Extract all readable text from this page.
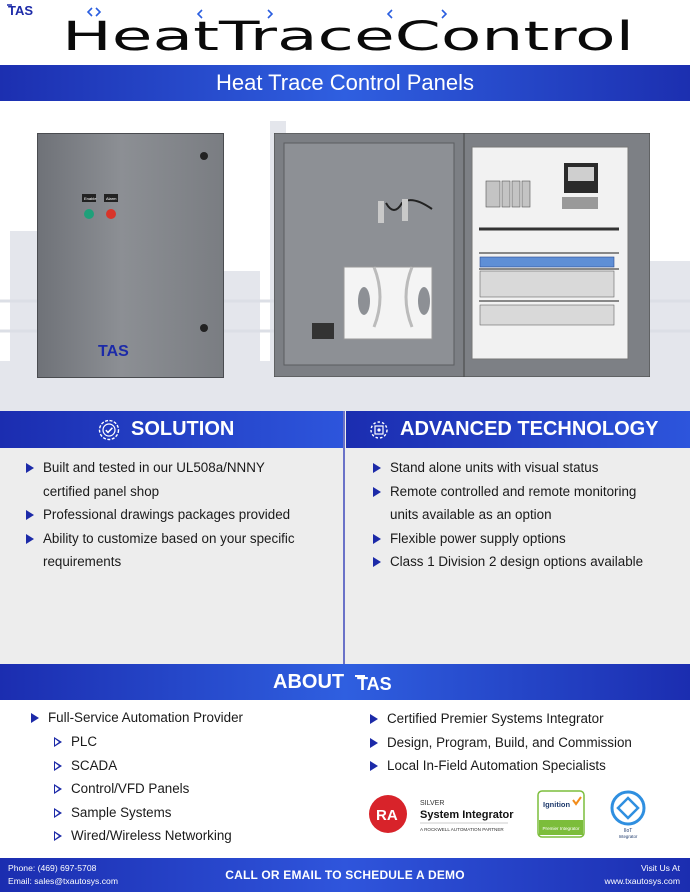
TAS
HeatTraceControl
Heat Trace Control Panels
Enable Alarm
TAS
SOLUTION	ADVANCED TECHNOLOGY
Built and tested in our UL508a/NNNY
certified panel shop
Professional drawings packages provided
Ability to customize based on your specific
requirements
Stand alone units with visual status
Remote controlled and remote monitoring
units available as an option
Flexible power supply options
Class 1 Division 2 design options available
ABOUT TAS
Full-Service Automation Provider
PLC
SCADA
Control/VFD Panels
Sample Systems
Wired/Wireless Networking
Certified Premier Systems Integrator
Design, Program, Build, and Commission
Local In-Field Automation Specialists
RA
SILVER
System Integrator
A ROCKWELL AUTOMATION PARTNER
Ignition
Premier Integrator	IIoT
Integrator
Phone: (469) 697-5708
Email: sales@txautosys.com	CALL OR EMAIL TO SCHEDULE A DEMO	Visit Us At
www.txautosys.com
